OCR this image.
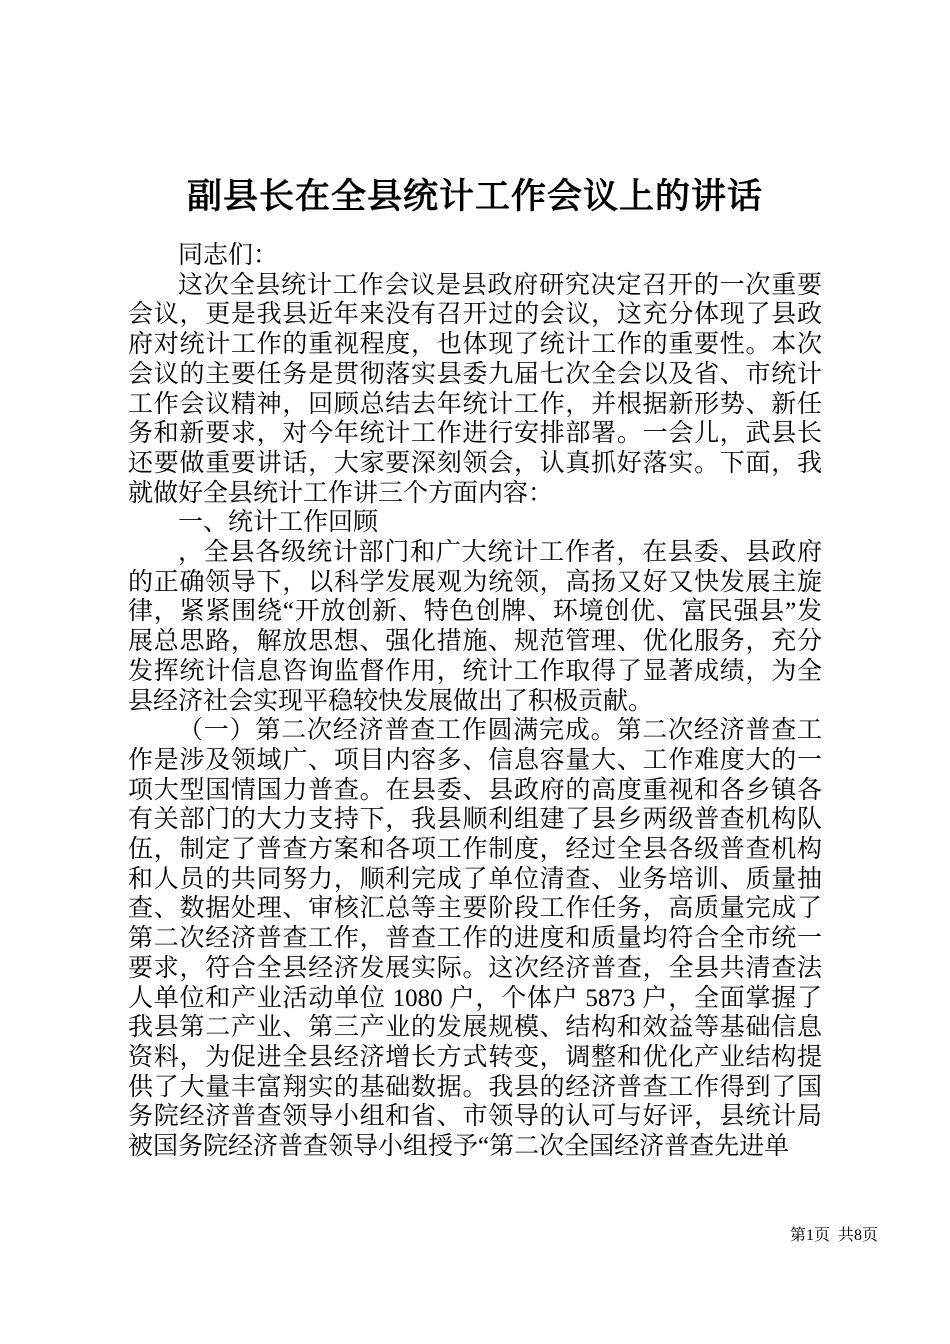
副县长在全县统计工作会议上的讲话

同志们：

这次全县统计工作会议是县政府研究决定召开的一次重要会议，更是我县近年来没有召开过的会议，这充分体现了县政府对统计工作的重视程度，也体现了统计工作的重要性。本次会议的主要任务是贯彻落实县委九届七次全会以及省、市统计工作会议精神，回顾总结去年统计工作，并根据新形势、新任务和新要求，对今年统计工作进行安排部署。一会儿，武县长还要做重要讲话，大家要深刻领会，认真抓好落实。下面，我就做好全县统计工作讲三个方面内容：

一、统计工作回顾

，全县各级统计部门和广大统计工作者，在县委、县政府的正确领导下，以科学发展观为统领，高扬又好又快发展主旋律，紧紧围绕“开放创新、特色创牌、环境创优、富民强县”发展总思路，解放思想、强化措施、规范管理、优化服务，充分发挥统计信息咨询监督作用，统计工作取得了显著成绩，为全县经济社会实现平稳较快发展做出了积极贡献。

（一）第二次经济普查工作圆满完成。第二次经济普查工作是涉及领域广、项目内容多、信息容量大、工作难度大的一项大型国情国力普查。在县委、县政府的高度重视和各乡镇各有关部门的大力支持下，我县顺利组建了县乡两级普查机构队伍，制定了普查方案和各项工作制度，经过全县各级普查机构和人员的共同努力，顺利完成了单位清查、业务培训、质量抽查、数据处理、审核汇总等主要阶段工作任务，高质量完成了第二次经济普查工作，普查工作的进度和质量均符合全市统一要求，符合全县经济发展实际。这次经济普查，全县共清查法人单位和产业活动单位 1080 户，个体户 5873 户，全面掌握了我县第二产业、第三产业的发展规模、结构和效益等基础信息资料，为促进全县经济增长方式转变，调整和优化产业结构提供了大量丰富翔实的基础数据。我县的经济普查工作得到了国务院经济普查领导小组和省、市领导的认可与好评，县统计局被国务院经济普查领导小组授予“第二次全国经济普查先进单

第1页  共8页
